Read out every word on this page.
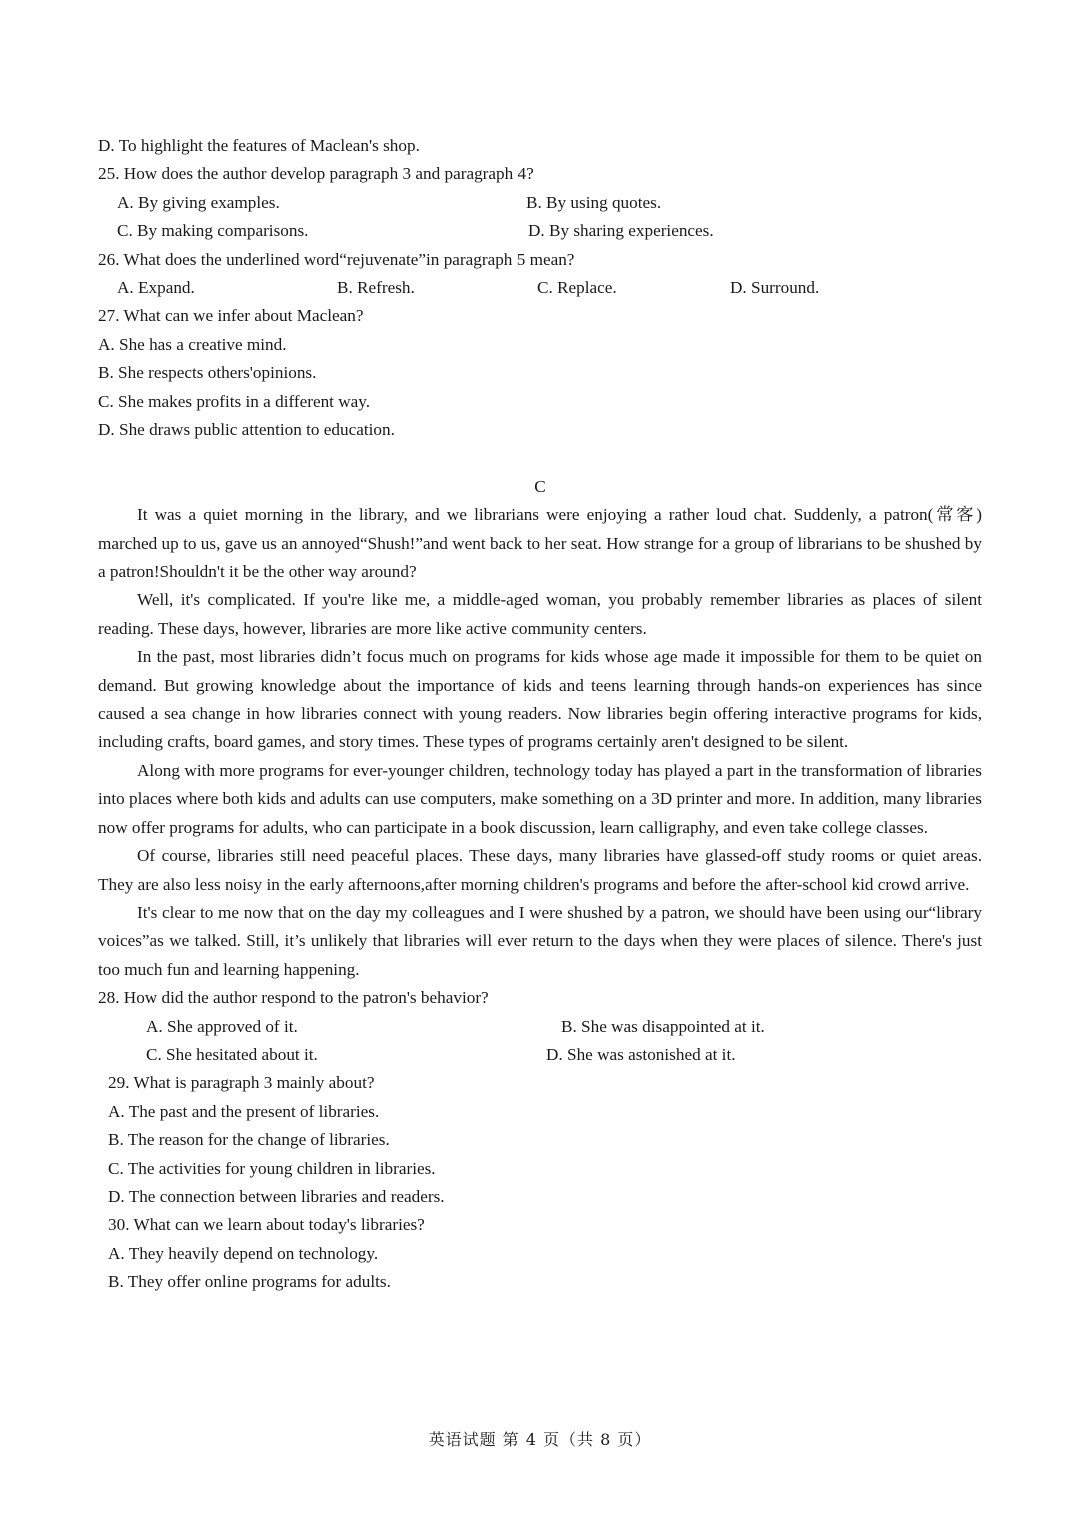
D. To highlight the features of Maclean's shop.
25. How does the author develop paragraph 3 and paragraph 4?
A. By giving examples.	B. By using quotes.
C. By making comparisons.	D. By sharing experiences.
26. What does the underlined word“rejuvenate”in paragraph 5 mean?
A. Expand.	B. Refresh.	C. Replace.	D. Surround.
27. What can we infer about Maclean?
A. She has a creative mind.
B. She respects others'opinions.
C. She makes profits in a different way.
D. She draws public attention to education.
C

It was a quiet morning in the library, and we librarians were enjoying a rather loud chat. Suddenly, a patron(常客) marched up to us, gave us an annoyed“Shush!”and went back to her seat. How strange for a group of librarians to be shushed by a patron!Shouldn't it be the other way around?

Well, it's complicated. If you're like me, a middle-aged woman, you probably remember libraries as places of silent reading. These days, however, libraries are more like active community centers.

In the past, most libraries didn’t focus much on programs for kids whose age made it impossible for them to be quiet on demand. But growing knowledge about the importance of kids and teens learning through hands-on experiences has since caused a sea change in how libraries connect with young readers. Now libraries begin offering interactive programs for kids, including crafts, board games, and story times. These types of programs certainly aren't designed to be silent.

Along with more programs for ever-younger children, technology today has played a part in the transformation of libraries into places where both kids and adults can use computers, make something on a 3D printer and more. In addition, many libraries now offer programs for adults, who can participate in a book discussion, learn calligraphy, and even take college classes.

Of course, libraries still need peaceful places. These days, many libraries have glassed-off study rooms or quiet areas. They are also less noisy in the early afternoons,after morning children's programs and before the after-school kid crowd arrive.

It's clear to me now that on the day my colleagues and I were shushed by a patron, we should have been using our“library voices”as we talked. Still, it’s unlikely that libraries will ever return to the days when they were places of silence. There's just too much fun and learning happening.

28. How did the author respond to the patron's behavior?
A. She approved of it.	B. She was disappointed at it.
C. She hesitated about it.	D. She was astonished at it.
29. What is paragraph 3 mainly about?
A. The past and the present of libraries.
B. The reason for the change of libraries.
C. The activities for young children in libraries.
D. The connection between libraries and readers.
30. What can we learn about today's libraries?
A. They heavily depend on technology.
B. They offer online programs for adults.
英语试题 第 4 页（共 8 页）
